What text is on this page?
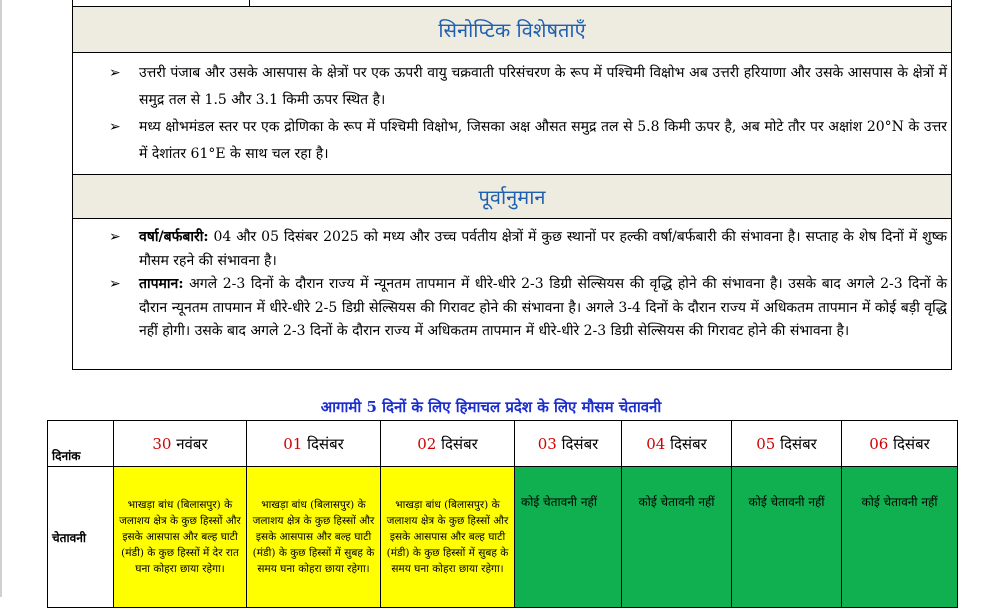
सिनोप्टिक विशेषताएँ
➢ उत्तरी पंजाब और उसके आसपास के क्षेत्रों पर एक ऊपरी वायु चक्रवाती परिसंचरण के रूप में पश्चिमी विक्षोभ अब उत्तरी हरियाणा और उसके आसपास के क्षेत्रों में समुद्र तल से 1.5 और 3.1 किमी ऊपर स्थित है।
➢ मध्य क्षोभमंडल स्तर पर एक द्रोणिका के रूप में पश्चिमी विक्षोभ, जिसका अक्ष औसत समुद्र तल से 5.8 किमी ऊपर है, अब मोटे तौर पर अक्षांश 20°N के उत्तर में देशांतर 61°E के साथ चल रहा है।
पूर्वानुमान
➢ वर्षा/बर्फबारी: 04 और 05 दिसंबर 2025 को मध्य और उच्च पर्वतीय क्षेत्रों में कुछ स्थानों पर हल्की वर्षा/बर्फबारी की संभावना है। सप्ताह के शेष दिनों में शुष्क मौसम रहने की संभावना है।
➢ तापमान: अगले 2-3 दिनों के दौरान राज्य में न्यूनतम तापमान में धीरे-धीरे 2-3 डिग्री सेल्सियस की वृद्धि होने की संभावना है। उसके बाद अगले 2-3 दिनों के दौरान न्यूनतम तापमान में धीरे-धीरे 2-5 डिग्री सेल्सियस की गिरावट होने की संभावना है। अगले 3-4 दिनों के दौरान राज्य में अधिकतम तापमान में कोई बड़ी वृद्धि नहीं होगी। उसके बाद अगले 2-3 दिनों के दौरान राज्य में अधिकतम तापमान में धीरे-धीरे 2-3 डिग्री सेल्सियस की गिरावट होने की संभावना है।
आगामी 5 दिनों के लिए हिमाचल प्रदेश के लिए मौसम चेतावनी
दिनांक	30 नवंबर	01 दिसंबर	02 दिसंबर	03 दिसंबर	04 दिसंबर	05 दिसंबर	06 दिसंबर
चेतावनी	भाखड़ा बांध (बिलासपुर) के जलाशय क्षेत्र के कुछ हिस्सों और इसके आसपास और बल्ह घाटी (मंडी) के कुछ हिस्सों में देर रात घना कोहरा छाया रहेगा।	भाखड़ा बांध (बिलासपुर) के जलाशय क्षेत्र के कुछ हिस्सों और इसके आसपास और बल्ह घाटी (मंडी) के कुछ हिस्सों में सुबह के समय घना कोहरा छाया रहेगा।	भाखड़ा बांध (बिलासपुर) के जलाशय क्षेत्र के कुछ हिस्सों और इसके आसपास और बल्ह घाटी (मंडी) के कुछ हिस्सों में सुबह के समय घना कोहरा छाया रहेगा।	कोई चेतावनी नहीं	कोई चेतावनी नहीं	कोई चेतावनी नहीं	कोई चेतावनी नहीं
